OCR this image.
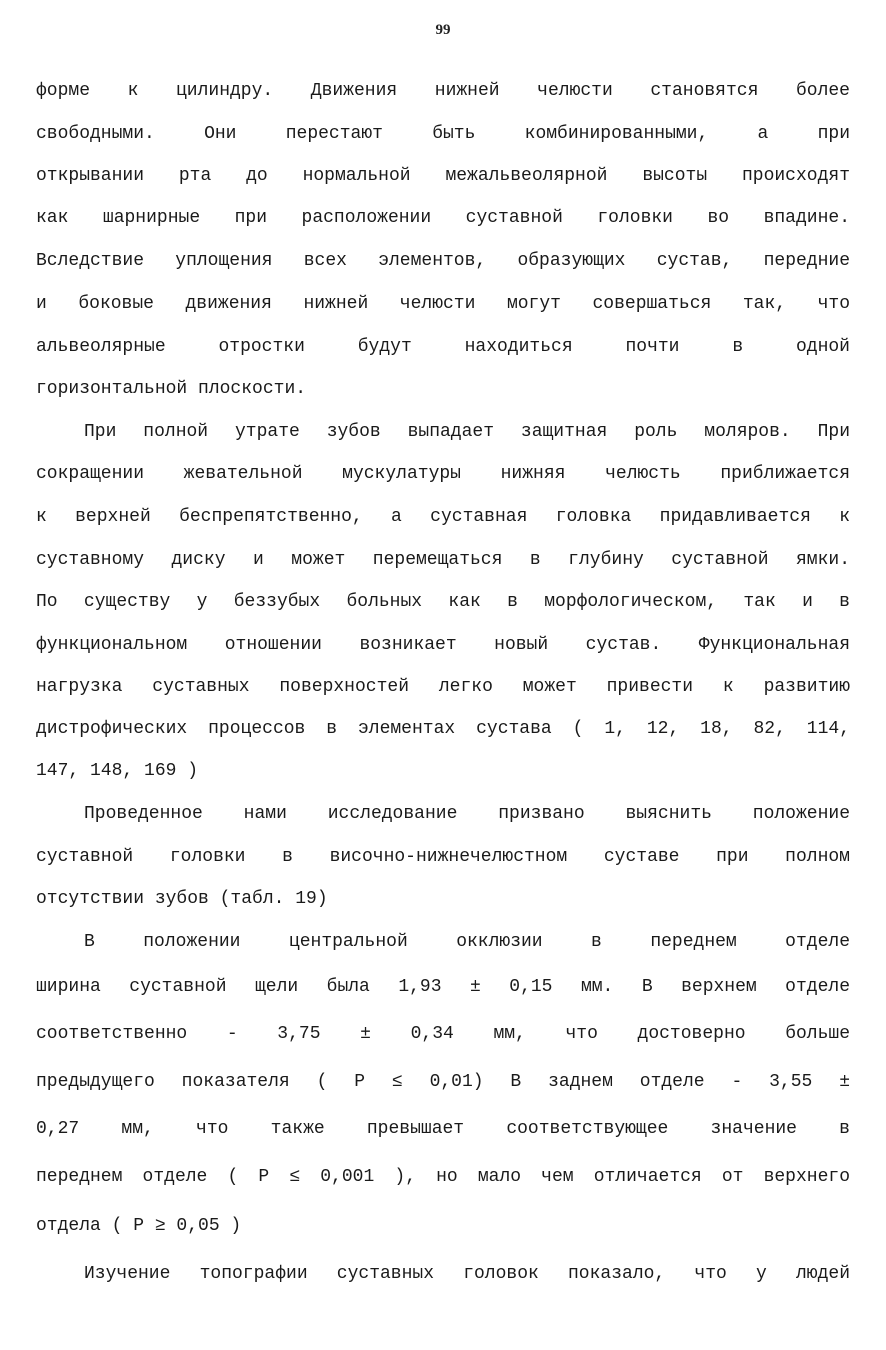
99
форме к цилиндру. Движения нижней челюсти становятся более
свободными. Они перестают быть комбинированными, а при
открывании рта до нормальной межальвеолярной высоты происходят
как шарнирные при расположении суставной головки во впадине.
Вследствие уплощения всех элементов, образующих сустав, передние
и боковые движения нижней челюсти могут совершаться так, что
альвеолярные отростки будут находиться почти в одной
горизонтальной плоскости.
При полной утрате зубов выпадает защитная роль моляров. При
сокращении жевательной мускулатуры нижняя челюсть приближается
к верхней беспрепятственно, а суставная головка придавливается к
суставному диску и может перемещаться в глубину суставной ямки.
По существу у беззубых больных как в морфологическом, так и в
функциональном отношении возникает новый сустав. Функциональная
нагрузка суставных поверхностей легко может привести к развитию
дистрофических процессов в элементах сустава ( 1, 12, 18, 82, 114,
147, 148, 169 )
Проведенное нами исследование призвано выяснить положение
суставной головки в височно-нижнечелюстном суставе при полном
отсутствии зубов (табл. 19)
В положении центральной окклюзии в переднем отделе
ширина суставной щели была 1,93 ± 0,15 мм. В верхнем отделе
соответственно - 3,75 ± 0,34 мм, что достоверно больше
предыдущего показателя ( Р ≤ 0,01) В заднем отделе - 3,55 ±
0,27 мм, что также превышает соответствующее значение в
переднем отделе ( Р ≤ 0,001 ), но мало чем отличается от верхнего
отдела ( Р ≥ 0,05 )
Изучение топографии суставных головок показало, что у людей
